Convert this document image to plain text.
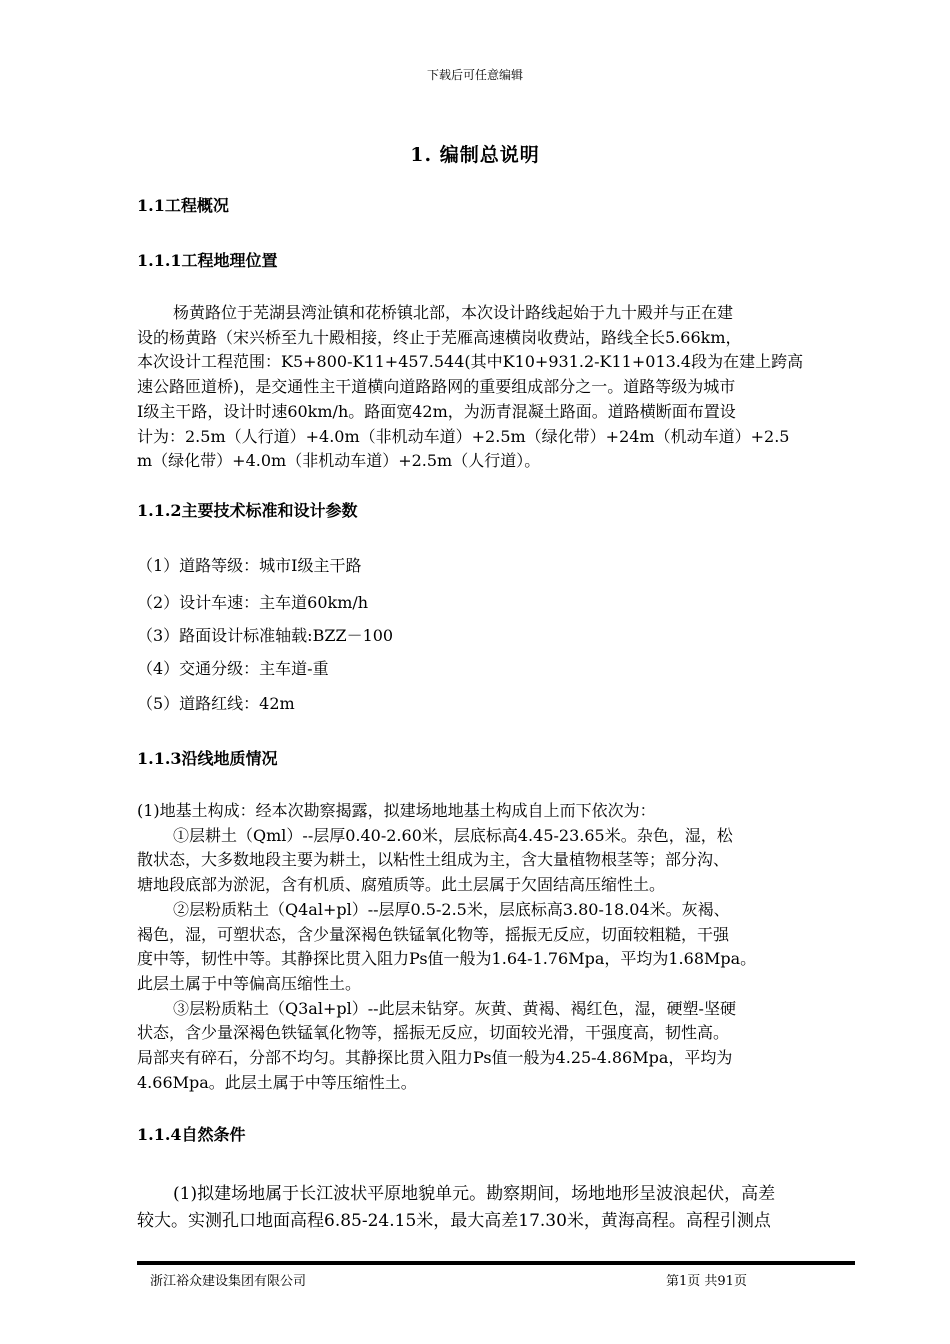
下载后可任意编辑
1. 编制总说明
1.1工程概况
1.1.1工程地理位置
杨黄路位于芜湖县湾沚镇和花桥镇北部，本次设计路线起始于九十殿并与正在建
设的杨黄路（宋兴桥至九十殿相接，终止于芜雁高速横岗收费站，路线全长5.66km，
本次设计工程范围：K5+800-K11+457.544(其中K10+931.2-K11+013.4段为在建上跨高
速公路匝道桥)，是交通性主干道横向道路路网的重要组成部分之一。道路等级为城市
Ⅰ级主干路，设计时速60km/h。路面宽42m，为沥青混凝土路面。道路横断面布置设
计为：2.5m（人行道）+4.0m（非机动车道）+2.5m（绿化带）+24m（机动车道）+2.5
m（绿化带）+4.0m（非机动车道）+2.5m（人行道）。
1.1.2主要技术标准和设计参数
（1）道路等级：城市Ⅰ级主干路
（2）设计车速：主车道60km/h
（3）路面设计标准轴载:BZZ－100
（4）交通分级：主车道-重
（5）道路红线：42m
1.1.3沿线地质情况
(1)地基土构成：经本次勘察揭露，拟建场地地基土构成自上而下依次为：
①层耕土（Qml）--层厚0.40-2.60米，层底标高4.45-23.65米。杂色，湿，松
散状态，大多数地段主要为耕土，以粘性土组成为主，含大量植物根茎等；部分沟、
塘地段底部为淤泥，含有机质、腐殖质等。此土层属于欠固结高压缩性土。
②层粉质粘土（Q4al+pl）--层厚0.5-2.5米，层底标高3.80-18.04米。灰褐、
褐色，湿，可塑状态，含少量深褐色铁锰氧化物等，摇振无反应，切面较粗糙，干强
度中等，韧性中等。其静探比贯入阻力Ps值一般为1.64-1.76Mpa，平均为1.68Mpa。
此层土属于中等偏高压缩性土。
③层粉质粘土（Q3al+pl）--此层未钻穿。灰黄、黄褐、褐红色，湿，硬塑-坚硬
状态，含少量深褐色铁锰氧化物等，摇振无反应，切面较光滑，干强度高，韧性高。
局部夹有碎石，分部不均匀。其静探比贯入阻力Ps值一般为4.25-4.86Mpa，平均为
4.66Mpa。此层土属于中等压缩性土。
1.1.4自然条件
(1)拟建场地属于长江波状平原地貌单元。勘察期间，场地地形呈波浪起伏，高差
较大。实测孔口地面高程6.85-24.15米，最大高差17.30米，黄海高程。高程引测点
浙江裕众建设集团有限公司	第1页 共91页
